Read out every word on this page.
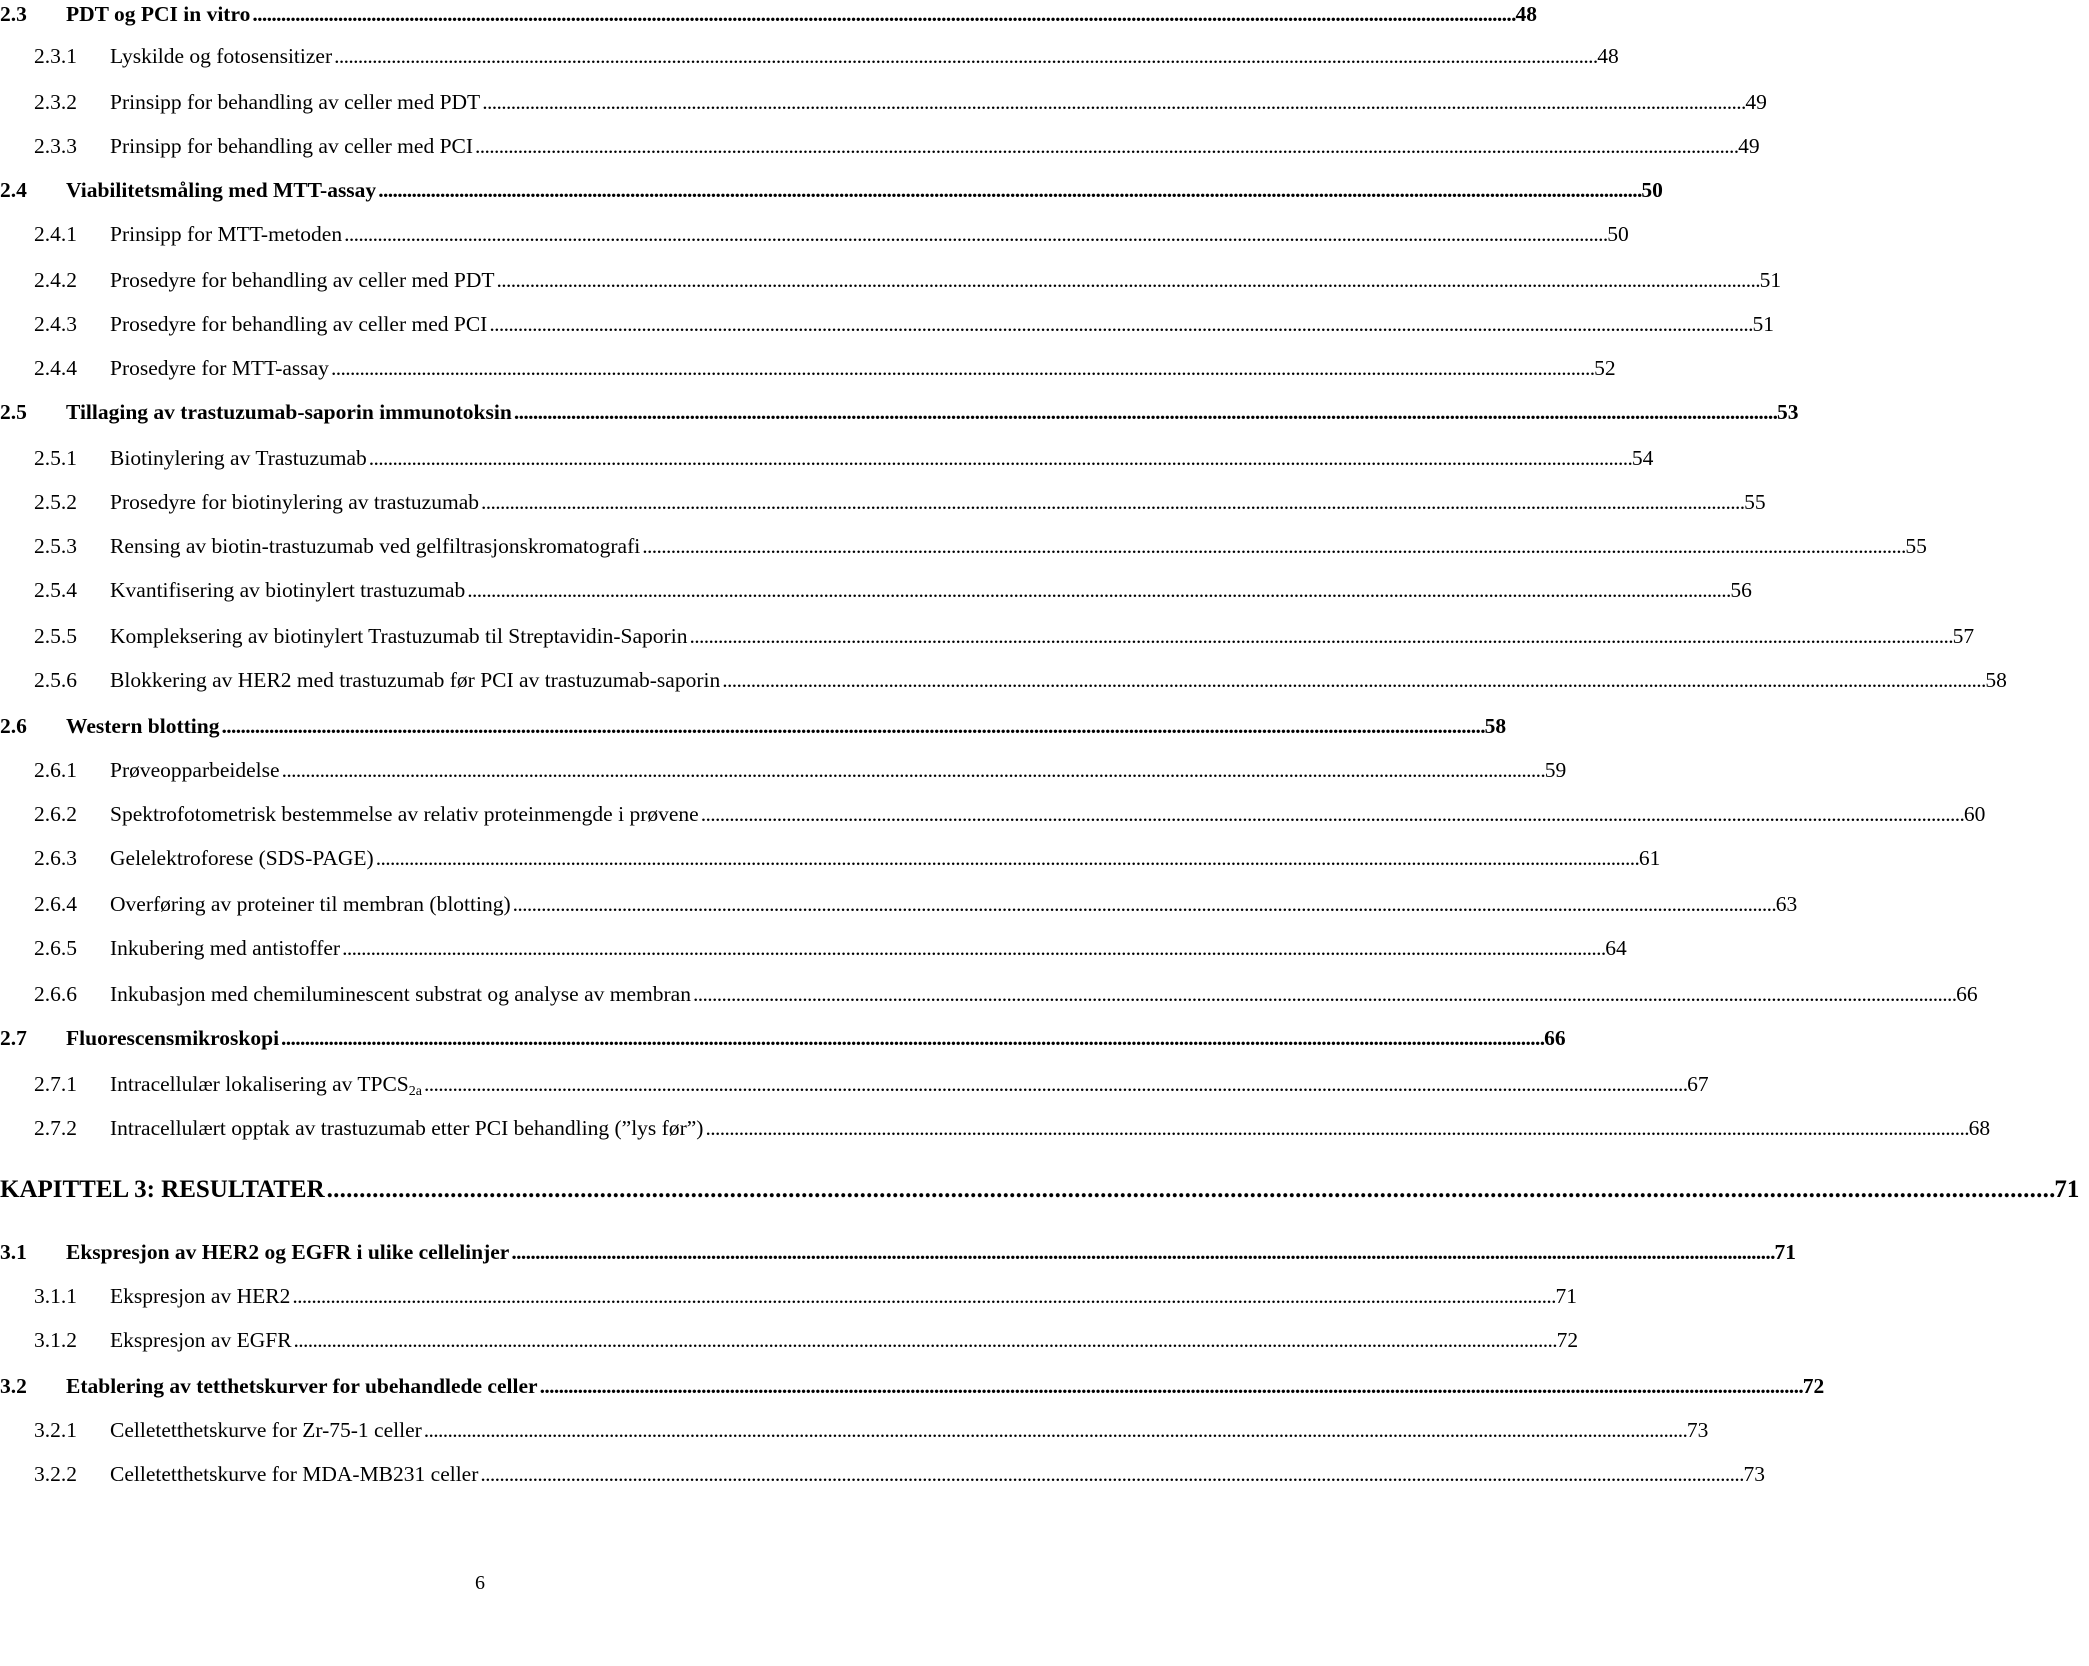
2.3	PDT og PCI in vitro . . .	48
2.3.1	Lyskilde og fotosensitizer . . .	48
2.3.2	Prinsipp for behandling av celler med PDT . . .	49
2.3.3	Prinsipp for behandling av celler med PCI . . .	49
2.4	Viabilitetsmåling med MTT-assay . . .	50
2.4.1	Prinsipp for MTT-metoden . . .	50
2.4.2	Prosedyre for behandling av celler med PDT . . .	51
2.4.3	Prosedyre for behandling av celler med PCI . . .	51
2.4.4	Prosedyre for MTT-assay . . .	52
2.5	Tillaging av trastuzumab-saporin immunotoksin . . .	53
2.5.1	Biotinylering av Trastuzumab . . .	54
2.5.2	Prosedyre for biotinylering av trastuzumab . . .	55
2.5.3	Rensing av biotin-trastuzumab ved gelfiltrasjonskromatografi . . .	55
2.5.4	Kvantifisering av biotinylert trastuzumab . . .	56
2.5.5	Kompleksering av biotinylert Trastuzumab til Streptavidin-Saporin . . .	57
2.5.6	Blokkering av HER2 med trastuzumab før PCI av trastuzumab-saporin . . .	58
2.6	Western blotting . . .	58
2.6.1	Prøveopparbeidelse . . .	59
2.6.2	Spektrofotometrisk bestemmelse av relativ proteinmengde i prøvene . . .	60
2.6.3	Gelelektroforese (SDS-PAGE) . . .	61
2.6.4	Overføring av proteiner til membran (blotting) . . .	63
2.6.5	Inkubering med antistoffer . . .	64
2.6.6	Inkubasjon med chemiluminescent substrat og analyse av membran . . .	66
2.7	Fluorescensmikroskopi . . .	66
2.7.1	Intracellulær lokalisering av $TPCS_{2a}$ . . .	67
2.7.2	Intracellulært opptak av trastuzumab etter PCI behandling (”lys før”) . . .	68
KAPITTEL 3: RESULTATER . . .	71
3.1	Ekspresjon av HER2 og EGFR i ulike cellelinjer . . .	71
3.1.1	Ekspresjon av HER2 . . .	71
3.1.2	Ekspresjon av EGFR . . .	72
3.2	Etablering av tetthetskurver for ubehandlede celler . . .	72
3.2.1	Celletetthetskurve for Zr-75-1 celler . . .	73
3.2.2	Celletetthetskurve for MDA-MB231 celler . . .	73
6
